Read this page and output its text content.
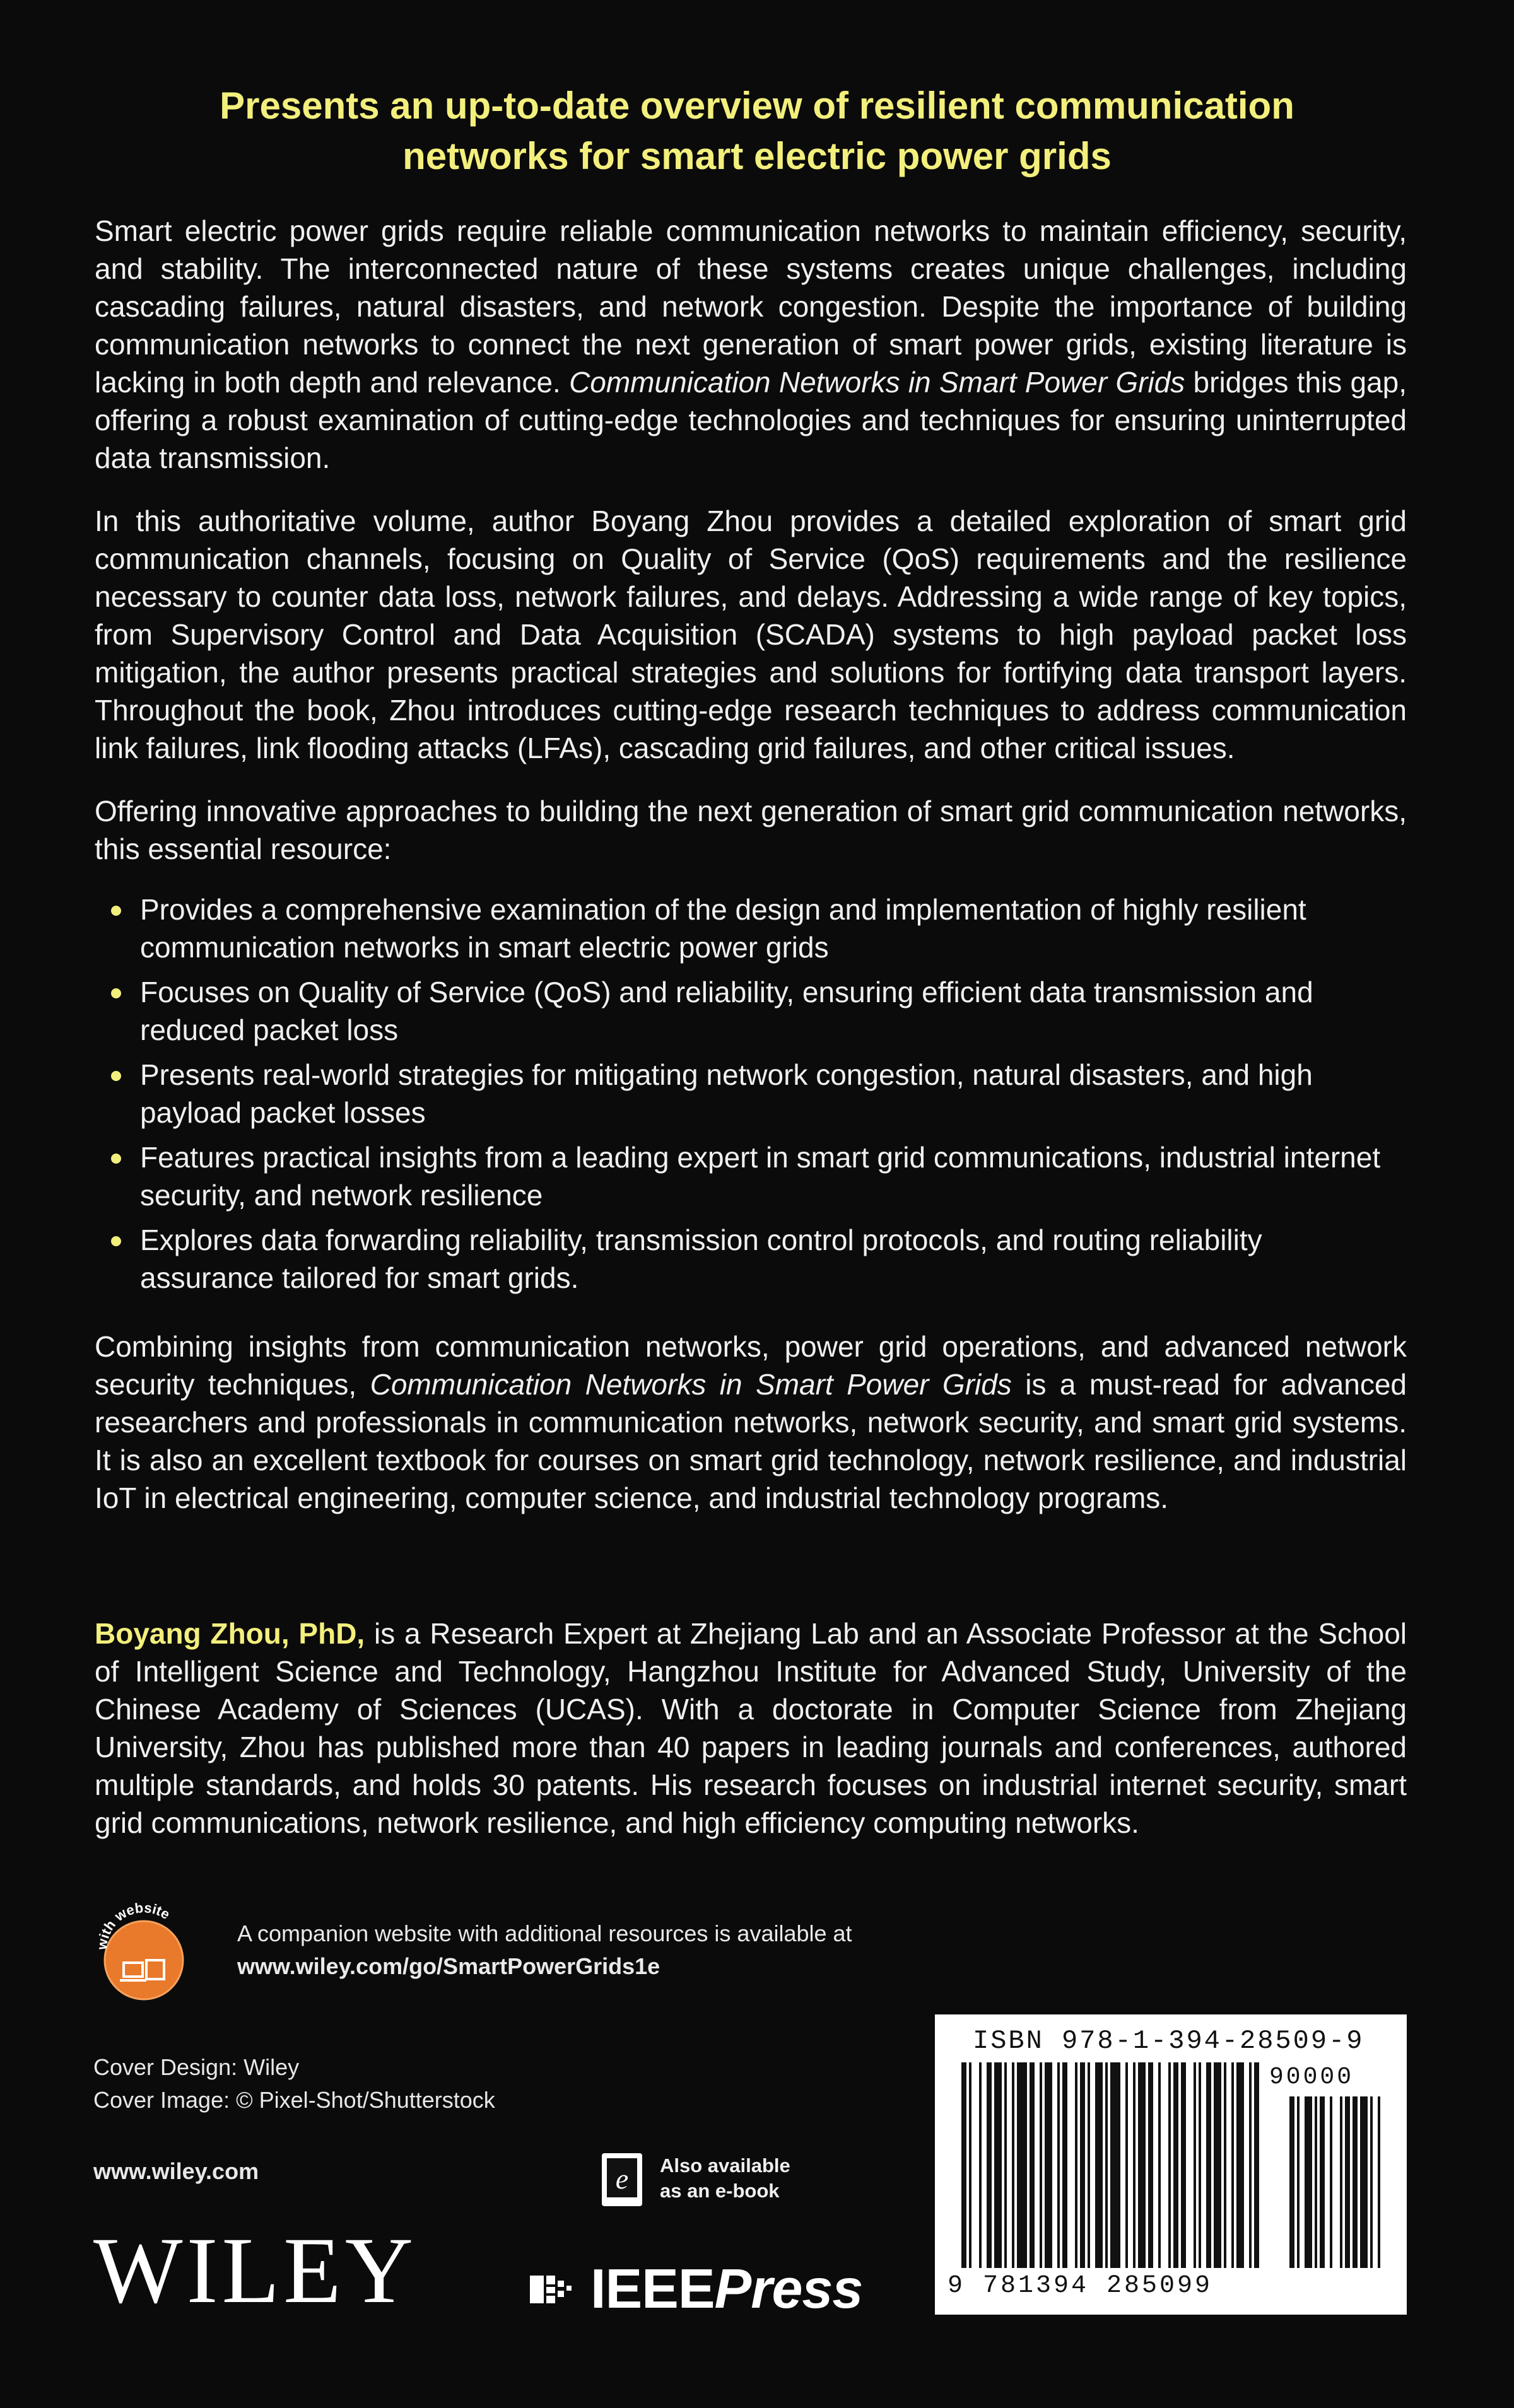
Presents an up-to-date overview of resilient communication
networks for smart electric power grids

Smart electric power grids require reliable communication networks to maintain efficiency, security, and stability. The interconnected nature of these systems creates unique challenges, including cascading failures, natural disasters, and network congestion. Despite the importance of building communication networks to connect the next generation of smart power grids, existing literature is lacking in both depth and relevance. Communication Networks in Smart Power Grids bridges this gap, offering a robust examination of cutting-edge technologies and techniques for ensuring uninterrupted data transmission.

In this authoritative volume, author Boyang Zhou provides a detailed exploration of smart grid communication channels, focusing on Quality of Service (QoS) requirements and the resilience necessary to counter data loss, network failures, and delays. Addressing a wide range of key topics, from Supervisory Control and Data Acquisition (SCADA) systems to high payload packet loss mitigation, the author presents practical strategies and solutions for fortifying data transport layers. Throughout the book, Zhou introduces cutting-edge research techniques to address communication link failures, link flooding attacks (LFAs), cascading grid failures, and other critical issues.

Offering innovative approaches to building the next generation of smart grid communication networks, this essential resource:

Provides a comprehensive examination of the design and implementation of highly resilient communication networks in smart electric power grids
Focuses on Quality of Service (QoS) and reliability, ensuring efficient data transmission and reduced packet loss
Presents real-world strategies for mitigating network congestion, natural disasters, and high payload packet losses
Features practical insights from a leading expert in smart grid communications, industrial internet security, and network resilience
Explores data forwarding reliability, transmission control protocols, and routing reliability assurance tailored for smart grids.

Combining insights from communication networks, power grid operations, and advanced network security techniques, Communication Networks in Smart Power Grids is a must-read for advanced researchers and professionals in communication networks, network security, and smart grid systems. It is also an excellent textbook for courses on smart grid technology, network resilience, and industrial IoT in electrical engineering, computer science, and industrial technology programs.

Boyang Zhou, PhD, is a Research Expert at Zhejiang Lab and an Associate Professor at the School of Intelligent Science and Technology, Hangzhou Institute for Advanced Study, University of the Chinese Academy of Sciences (UCAS). With a doctorate in Computer Science from Zhejiang University, Zhou has published more than 40 papers in leading journals and conferences, authored multiple standards, and holds 30 patents. His research focuses on industrial internet security, smart grid communications, network resilience, and high efficiency computing networks.

with website
A companion website with additional resources is available at
www.wiley.com/go/SmartPowerGrids1e
Cover Design: Wiley
Cover Image: © Pixel-Shot/Shutterstock
www.wiley.com	e Also available
as an e-book
WILEY	IEEEPress
ISBN 978-1-394-28509-9
90000
9 781394 285099
